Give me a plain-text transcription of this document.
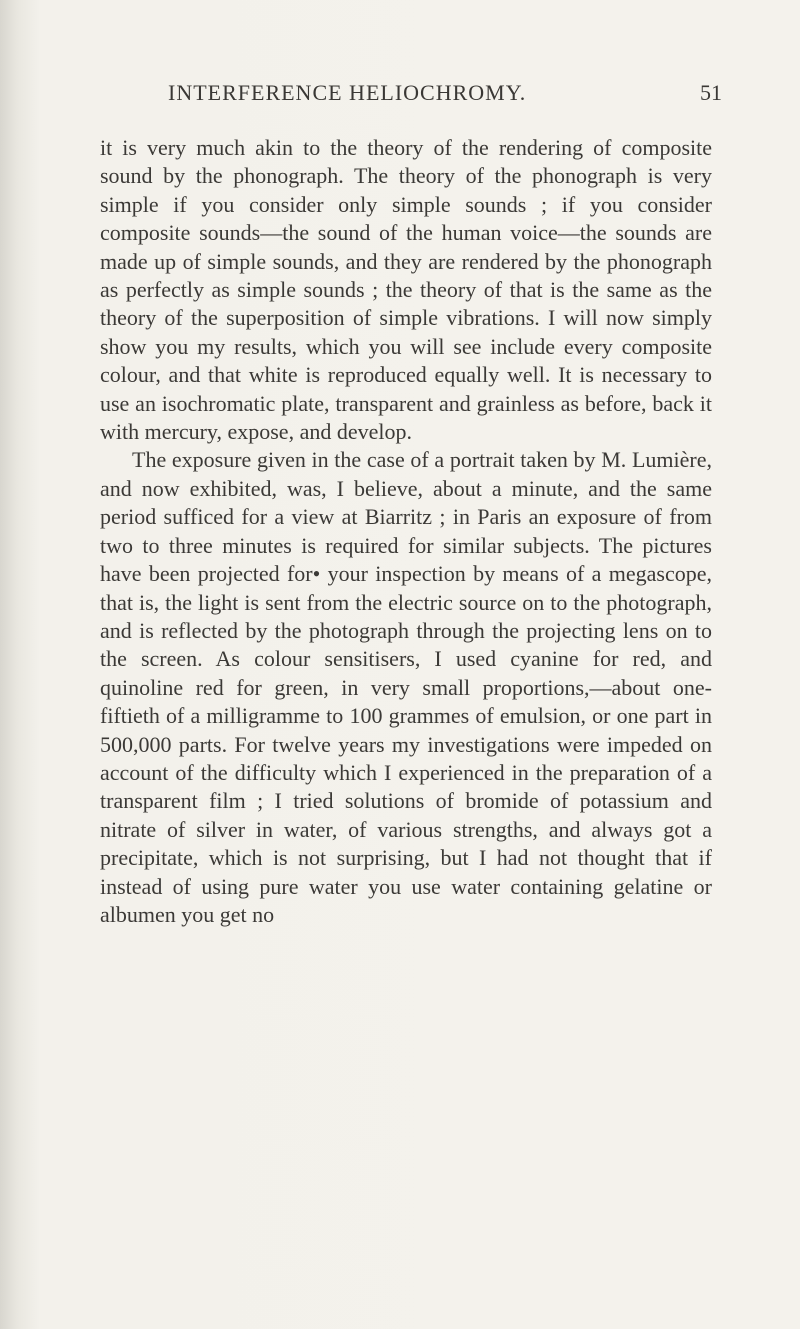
INTERFERENCE HELIOCHROMY.	51

it is very much akin to the theory of the rendering of composite sound by the phonograph. The theory of the phonograph is very simple if you consider only simple sounds ; if you consider composite sounds—the sound of the human voice—the sounds are made up of simple sounds, and they are rendered by the phonograph as perfectly as simple sounds ; the theory of that is the same as the theory of the superposition of simple vibrations. I will now simply show you my results, which you will see include every composite colour, and that white is reproduced equally well. It is necessary to use an isochromatic plate, transparent and grainless as before, back it with mercury, expose, and develop.

The exposure given in the case of a portrait taken by M. Lumière, and now exhibited, was, I believe, about a minute, and the same period sufficed for a view at Biarritz ; in Paris an exposure of from two to three minutes is required for similar subjects. The pictures have been projected for• your inspection by means of a megascope, that is, the light is sent from the electric source on to the photograph, and is reflected by the photograph through the projecting lens on to the screen. As colour sensitisers, I used cyanine for red, and quinoline red for green, in very small proportions,—about one-fiftieth of a milligramme to 100 grammes of emulsion, or one part in 500,000 parts. For twelve years my investigations were impeded on account of the difficulty which I experienced in the preparation of a transparent film ; I tried solutions of bromide of potassium and nitrate of silver in water, of various strengths, and always got a precipitate, which is not surprising, but I had not thought that if instead of using pure water you use water containing gelatine or albumen you get no
